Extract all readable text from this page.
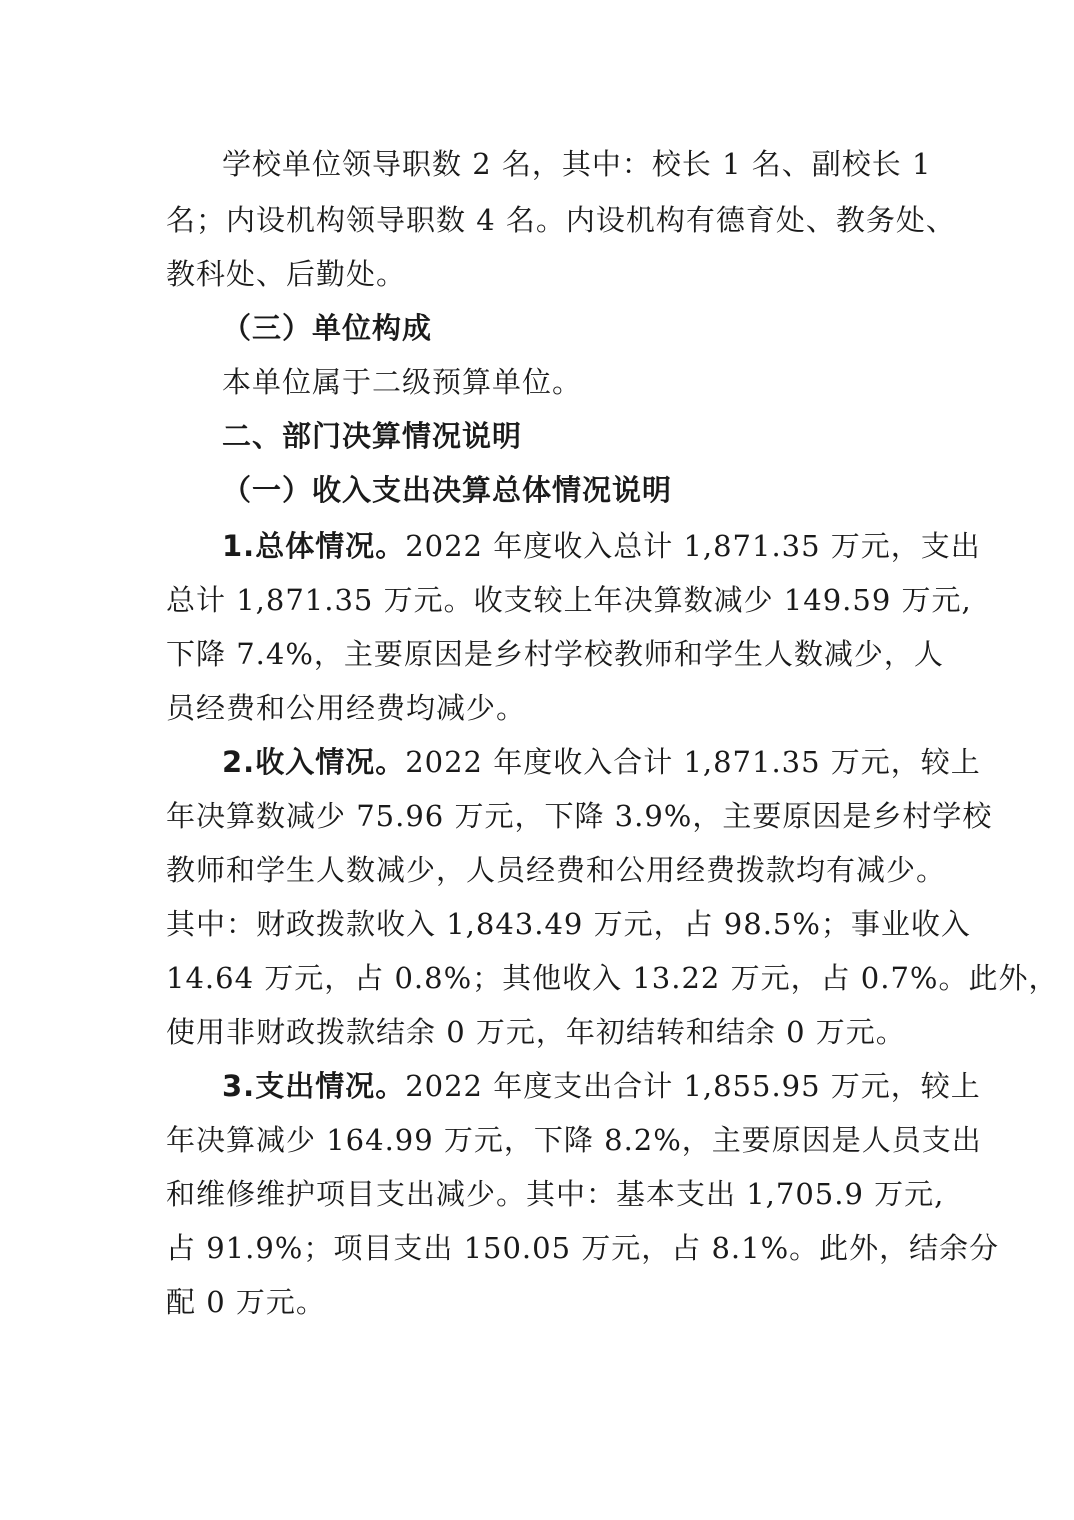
学校单位领导职数 2 名，其中：校长 1 名、副校长 1
名；内设机构领导职数 4 名。内设机构有德育处、教务处、
教科处、后勤处。
（三）单位构成
本单位属于二级预算单位。
二、部门决算情况说明
（一）收入支出决算总体情况说明
1.总体情况。2022 年度收入总计 1,871.35 万元，支出
总计 1,871.35 万元。收支较上年决算数减少 149.59 万元,
下降 7.4%，主要原因是乡村学校教师和学生人数减少，人
员经费和公用经费均减少。
2.收入情况。2022 年度收入合计 1,871.35 万元，较上
年决算数减少 75.96 万元，下降 3.9%，主要原因是乡村学校
教师和学生人数减少，人员经费和公用经费拨款均有减少。
其中：财政拨款收入 1,843.49 万元，占 98.5%；事业收入
14.64 万元，占 0.8%；其他收入 13.22 万元，占 0.7%。此外，
使用非财政拨款结余 0 万元，年初结转和结余 0 万元。
3.支出情况。2022 年度支出合计 1,855.95 万元，较上
年决算减少 164.99 万元，下降 8.2%，主要原因是人员支出
和维修维护项目支出减少。其中：基本支出 1,705.9 万元,
占 91.9%；项目支出 150.05 万元，占 8.1%。此外，结余分
配 0 万元。
